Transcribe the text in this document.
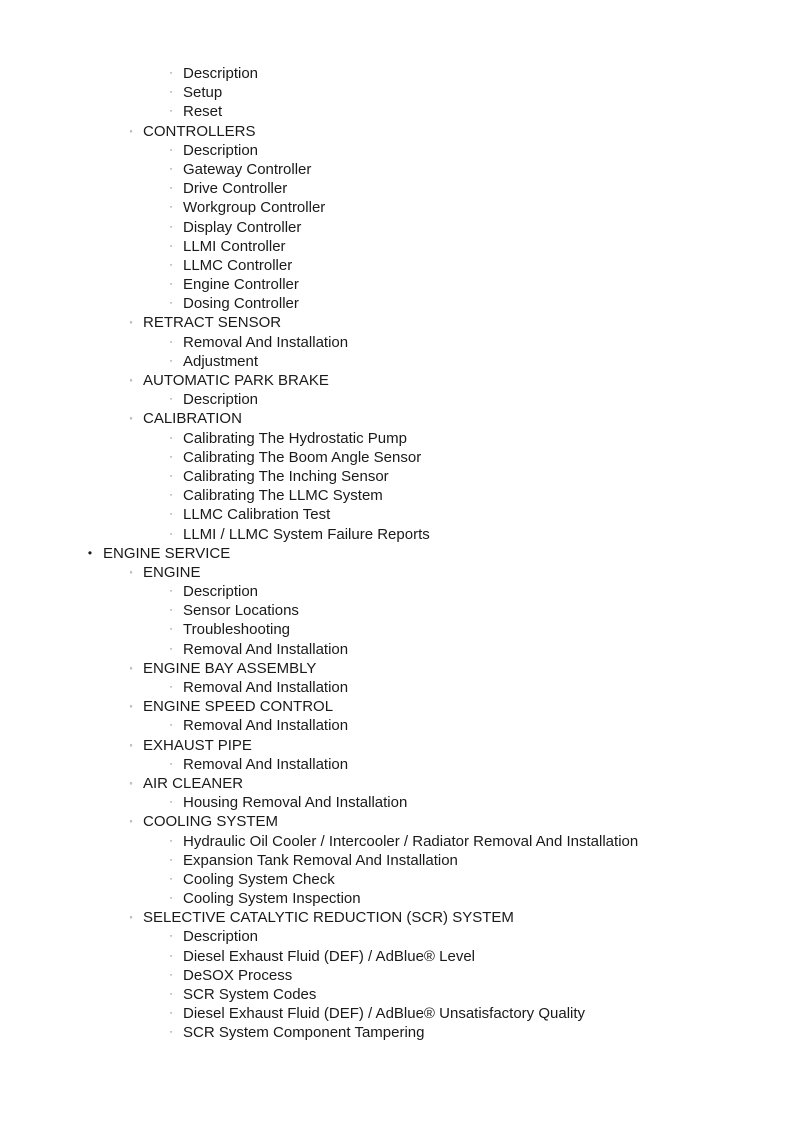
◦ Description
◦ Setup
◦ Reset
◦ CONTROLLERS
◦ Description
◦ Gateway Controller
◦ Drive Controller
◦ Workgroup Controller
◦ Display Controller
◦ LLMI Controller
◦ LLMC Controller
◦ Engine Controller
◦ Dosing Controller
◦ RETRACT SENSOR
◦ Removal And Installation
◦ Adjustment
◦ AUTOMATIC PARK BRAKE
◦ Description
◦ CALIBRATION
◦ Calibrating The Hydrostatic Pump
◦ Calibrating The Boom Angle Sensor
◦ Calibrating The Inching Sensor
◦ Calibrating The LLMC System
◦ LLMC Calibration Test
◦ LLMI / LLMC System Failure Reports
• ENGINE SERVICE
◦ ENGINE
◦ Description
◦ Sensor Locations
◦ Troubleshooting
◦ Removal And Installation
◦ ENGINE BAY ASSEMBLY
◦ Removal And Installation
◦ ENGINE SPEED CONTROL
◦ Removal And Installation
◦ EXHAUST PIPE
◦ Removal And Installation
◦ AIR CLEANER
◦ Housing Removal And Installation
◦ COOLING SYSTEM
◦ Hydraulic Oil Cooler / Intercooler / Radiator Removal And Installation
◦ Expansion Tank Removal And Installation
◦ Cooling System Check
◦ Cooling System Inspection
◦ SELECTIVE CATALYTIC REDUCTION (SCR) SYSTEM
◦ Description
◦ Diesel Exhaust Fluid (DEF) / AdBlue® Level
◦ DeSOX Process
◦ SCR System Codes
◦ Diesel Exhaust Fluid (DEF) / AdBlue® Unsatisfactory Quality
◦ SCR System Component Tampering
